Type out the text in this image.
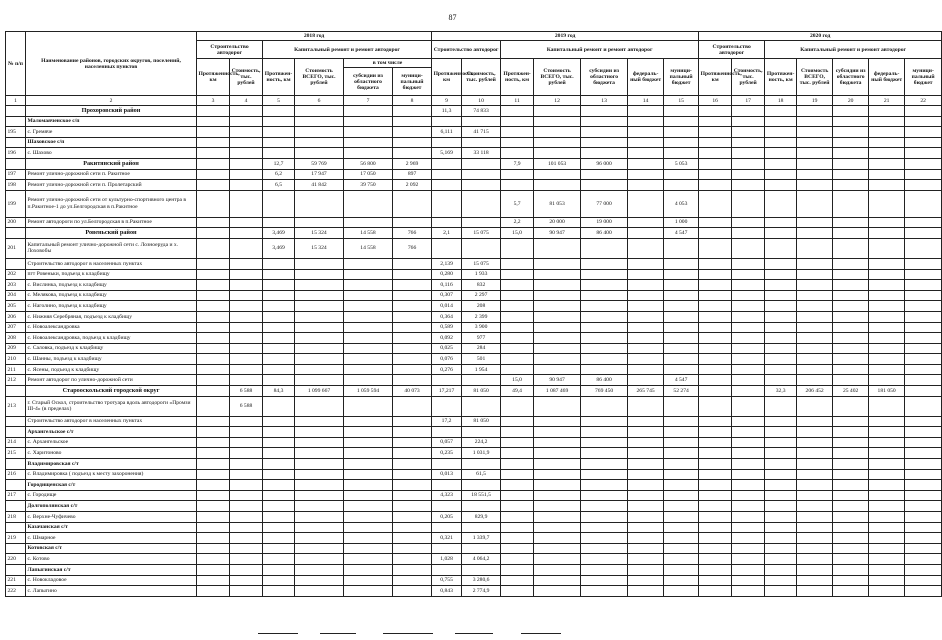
87
№ п/п	Наименование районов, городских округов, поселений, населенных пунктов	2018 год						2019 год							2020 год						
		Строительство автодорог		Капитальный ремонт и ремонт автодорог				Строительство автодорог		Капитальный ремонт и ремонт автодорог					Строительство автодорог		Капитальный ремонт и ремонт автодорог				
		Протяженность, км	Стоимость, тыс. рублей	Протяжен-ность, км	Стоимость ВСЕГО, тыс. рублей	в том числе		Протяженность, км	Стоимость, тыс. рублей	Протяжен-ность, км	Стоимость ВСЕГО, тыс. рублей	субсидии из областного бюджета	федераль-ный бюджет	муници-пальный бюджет	Протяженность, км	Стоимость, тыс. рублей	Протяжен-ность, км	Стоимость ВСЕГО, тыс. рублей	субсидии из областного бюджета	федераль-ный бюджет	муници-пальный бюджет
						субсидии из областного бюджета	муници-пальный бюджет														
1	2	3	4	5	6	7	8	9	10	11	12	13	14	15	16	17	18	19	20	21	22
	Прохоровский район							11,3	74 833												
	Маломаяченское с/п																				
195	с. Гремяче							6,111	41 715												
	Шаховское с/п																				
196	с. Шахово							5,169	33 118												
	Ракитянский район			12,7	59 769	56 800	2 969			7,9	101 053	96 000		5 053							
197	Ремонт улично-дорожной сети п. Ракитное			6,2	17 947	17 050	897														
198	Ремонт улично-дорожной сети п. Пролетарский			6,5	41 842	39 750	2 092														
199	Ремонт улично-дорожной сети от культурно-спортивного центра в п.Ракитное-1 до ул.Белгородская в п.Ракитное									5,7	81 053	77 000		4 053							
200	Ремонт автодороги по ул.Белгородская в п.Ракитное									2,2	20 000	19 000		1 000							
	Ровеньский район			3,469	15 324	14 558	766	2,1	15 075	15,0	90 947	86 400		4 547							
201	Капитальный ремонт улично-дорожной сети с. Лозноеруда и х. Лоховобы			3,469	15 324	14 558	766														
	Строительство автодорог в населенных пунктах							2,139	15 075												
202	пгт Ровеньки, подъезд к кладбищу							0,280	1 933												
203	с. Вислинка, подъезд к кладбищу							0,116	832												
204	с. Мелякова, подъезд к кладбищу							0,307	2 297												
205	с. Наголино, подъезд к кладбищу							0,014	208												
206	с. Нижняя Серебряная, подъезд к кладбищу							0,364	2 399												
207	с. Новоалександровка							0,589	3 900												
208	с. Новоалександровка, подъезд к кладбищу							0,092	977												
209	с. Саловка, подъезд к кладбищу							0,025	284												
210	с. Шанны, подъезд к кладбищу							0,076	501												
211	с. Ясены, подъезд к кладбищу							0,276	1 954												
212	Ремонт автодорог по улично-дорожной сети									15,0	90 947	86 400		4 547							
	Старооскольский городской округ		6 588	84,3	1 099 667	1 059 594	40 073	17,217	81 050	49,4	1 087 469	769 450	265 745	52 274			32,3	206 452	25 402	181 050	
213	г. Старый Оскол, строительство тротуара вдоль автодороги «Промзи III-4» (в пределах)		6 588																		
	Строительство автодорог в населенных пунктах							17,2	81 050												
	Архангельское с/т																				
214	с. Архангельское							0,057	224,2												
215	с. Харитоново							0,235	1 031,9												
	Владимировская с/т																				
216	с. Владимировка ( подъезд к месту захоронения)							0,013	61,5												
	Городищенская с/т																				
217	с. Городище							4,323	18 551,5												
	Долгополянская с/т																				
218	с. Верхне-Чуфичево							0,205	829,9												
	Казачанская с/т																				
219	с. Шмарное							0,321	1 339,7												
	Котовская с/т																				
220	с. Котово							1,028	4 064,2												
	Лапыгинская с/т																				
221	с. Новокладовое							0,755	3 280,6												
222	с. Лапыгино							0,843	2 774,9												
